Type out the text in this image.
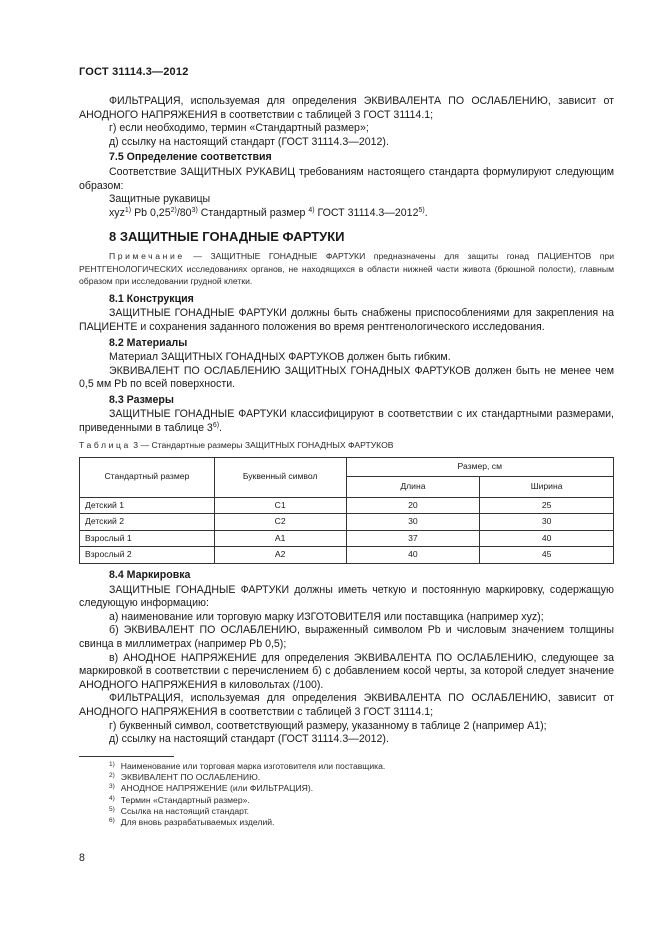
ГОСТ 31114.3—2012

ФИЛЬТРАЦИЯ, используемая для определения ЭКВИВАЛЕНТА ПО ОСЛАБЛЕНИЮ, зависит от АНОДНОГО НАПРЯЖЕНИЯ в соответствии с таблицей 3 ГОСТ 31114.1;

г) если необходимо, термин «Стандартный размер»;

д) ссылку на настоящий стандарт (ГОСТ 31114.3—2012).

7.5 Определение соответствия

Соответствие ЗАЩИТНЫХ РУКАВИЦ требованиям настоящего стандарта формулируют следующим образом:

Защитные рукавицы

xyz$^{1)}$ Pb 0,25$^{2)}$/80$^{3)}$ Стандартный размер $^{4)}$ ГОСТ 31114.3—2012$^{5)}$.

8 ЗАЩИТНЫЕ ГОНАДНЫЕ ФАРТУКИ

Примечание — ЗАЩИТНЫЕ ГОНАДНЫЕ ФАРТУКИ предназначены для защиты гонад ПАЦИЕНТОВ при РЕНТГЕНОЛОГИЧЕСКИХ исследованиях органов, не находящихся в области нижней части живота (брюшной полости), главным образом при исследовании грудной клетки.

8.1 Конструкция

ЗАЩИТНЫЕ ГОНАДНЫЕ ФАРТУКИ должны быть снабжены приспособлениями для закрепления на ПАЦИЕНТЕ и сохранения заданного положения во время рентгенологического исследования.

8.2 Материалы

Материал ЗАЩИТНЫХ ГОНАДНЫХ ФАРТУКОВ должен быть гибким.

ЭКВИВАЛЕНТ ПО ОСЛАБЛЕНИЮ ЗАЩИТНЫХ ГОНАДНЫХ ФАРТУКОВ должен быть не менее чем 0,5 мм Pb по всей поверхности.

8.3 Размеры

ЗАЩИТНЫЕ ГОНАДНЫЕ ФАРТУКИ классифицируют в соответствии с их стандартными размерами, приведенными в таблице 3$^{6)}$.

Таблица 3 — Стандартные размеры ЗАЩИТНЫХ ГОНАДНЫХ ФАРТУКОВ

Стандартный размер	Буквенный символ	Размер, см	
		Длина	Ширина
Детский 1	C1	20	25
Детский 2	C2	30	30
Взрослый 1	A1	37	40
Взрослый 2	A2	40	45

8.4 Маркировка

ЗАЩИТНЫЕ ГОНАДНЫЕ ФАРТУКИ должны иметь четкую и постоянную маркировку, содержащую следующую информацию:

а) наименование или торговую марку ИЗГОТОВИТЕЛЯ или поставщика (например xyz);

б) ЭКВИВАЛЕНТ ПО ОСЛАБЛЕНИЮ, выраженный символом Pb и числовым значением толщины свинца в миллиметрах (например Pb 0,5);

в) АНОДНОЕ НАПРЯЖЕНИЕ для определения ЭКВИВАЛЕНТА ПО ОСЛАБЛЕНИЮ, следующее за маркировкой в соответствии с перечислением б) с добавлением косой черты, за которой следует значение АНОДНОГО НАПРЯЖЕНИЯ в киловольтах (/100).

ФИЛЬТРАЦИЯ, используемая для определения ЭКВИВАЛЕНТА ПО ОСЛАБЛЕНИЮ, зависит от АНОДНОГО НАПРЯЖЕНИЯ в соответствии с таблицей 3 ГОСТ 31114.1;

г) буквенный символ, соответствующий размеру, указанному в таблице 2 (например A1);

д) ссылку на настоящий стандарт (ГОСТ 31114.3—2012).

$^{1)}$ Наименование или торговая марка изготовителя или поставщика.

$^{2)}$ ЭКВИВАЛЕНТ ПО ОСЛАБЛЕНИЮ.

$^{3)}$ АНОДНОЕ НАПРЯЖЕНИЕ (или ФИЛЬТРАЦИЯ).

$^{4)}$ Термин «Стандартный размер».

$^{5)}$ Ссылка на настоящий стандарт.

$^{6)}$ Для вновь разрабатываемых изделий.

8
